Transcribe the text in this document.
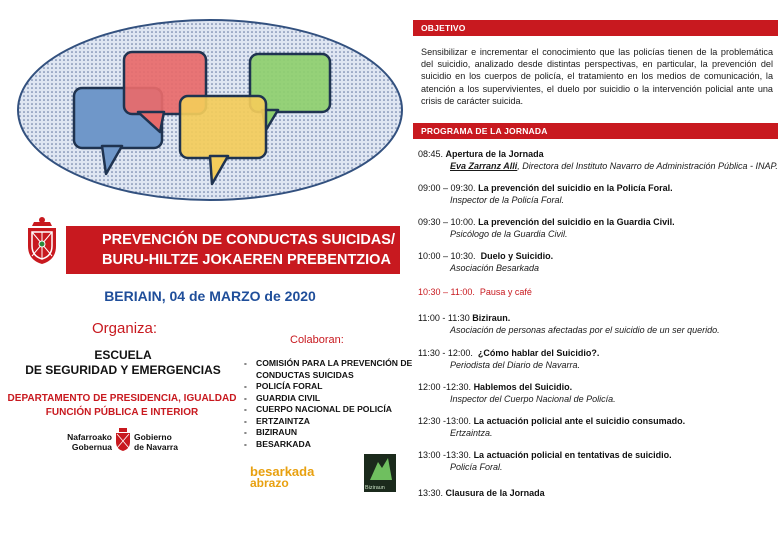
PREVENCIÓN DE CONDUCTAS SUICIDAS/
BURU-HILTZE JOKAEREN PREBENTZIOA
BERIAIN, 04 de MARZO de 2020
Organiza:
ESCUELA
DE SEGURIDAD Y EMERGENCIAS
DEPARTAMENTO DE PRESIDENCIA, IGUALDAD
FUNCIÓN PÚBLICA E INTERIOR
Nafarroako
Gobernua
Gobierno
de Navarra
Colaboran:
- COMISIÓN PARA LA PREVENCIÓN DE CONDUCTAS SUICIDAS
- POLICÍA FORAL
- GUARDIA CIVIL
- CUERPO NACIONAL DE POLICÍA
- ERTZAINTZA
- BIZIRAUN
- BESARKADA
besarkada
abrazo	Biziraun
OBJETIVO
Sensibilizar e incrementar el conocimiento que las policías tienen de la problemática del suicidio, analizado desde distintas perspectivas, en particular, la prevención del suicidio en los cuerpos de policía, el tratamiento en los medios de comunicación, la atención a los supervivientes, el duelo por suicidio o la intervención policial ante una crisis de carácter suicida.
PROGRAMA DE LA JORNADA
08:45. Apertura de la Jornada
Eva Zarranz Alli, Directora del Instituto Navarro de Administración Pública - INAP.
09:00 – 09:30. La prevención del suicidio en la Policía Foral.
Inspector de la Policía Foral.
09:30 – 10:00. La prevención del suicidio en la Guardia Civil.
Psicólogo de la Guardia Civil.
10:00 – 10:30. Duelo y Suicidio.
Asociación Besarkada
10:30 – 11:00. Pausa y café
11:00 - 11:30 Biziraun.
Asociación de personas afectadas por el suicidio de un ser querido.
11:30 - 12:00. ¿Cómo hablar del Suicidio?.
Periodista del Diario de Navarra.
12:00 -12:30. Hablemos del Suicidio.
Inspector del Cuerpo Nacional de Policía.
12:30 -13:00. La actuación policial ante el suicidio consumado.
Ertzaintza.
13:00 -13:30. La actuación policial en tentativas de suicidio.
Policía Foral.
13:30. Clausura de la Jornada
